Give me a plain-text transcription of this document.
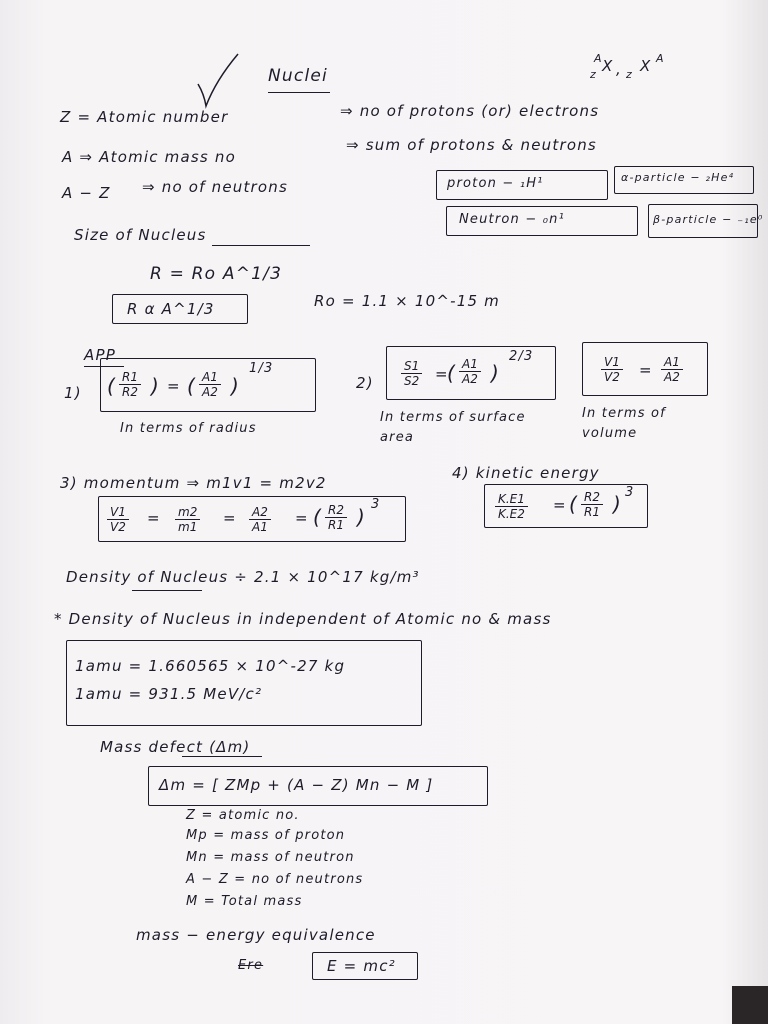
Nuclei
A
z X , z X A
Z = Atomic number	⇒ no of protons (or) electrons
A ⇒ Atomic mass no
⇒ sum of protons & neutrons
A − Z ⇒ no of neutrons	proton − ₁H¹	α-particle − ₂He⁴
Neutron − ₀n¹	β-particle − ₋₁e⁰
Size of Nucleus
R = Ro A^1/3
R α A^1/3	Ro = 1.1 × 10^-15 m
APP
1) ( $\frac{R1}{R2}$ ) = ( $\frac{A1}{A2}$ )
1/3
In terms of radius
$2) \frac{S1}{S2}$ =
( $\frac{A1}{A2}$ )
2/3
In terms of surface area
$\frac{V1}{V2} = \frac{A1}{A2}$
In terms of volume
3) momentum ⇒ m1v1 = m2v2
$\frac{V1}{V2} = \frac{m2}{m1} = \frac{A2}{A1}$ = ( $\frac{R2}{R1}$ )
3
4) kinetic energy
$\frac{K.E1}{K.E2}$ = ( $\frac{R2}{R1}$ ) 3
Density of Nucleus ÷ 2.1 × 10^17 kg/m³
* Density of Nucleus in independent of Atomic no & mass
1amu = 1.660565 × 10^-27 kg
1amu = 931.5 MeV/c²
Mass defect (Δm)
Δm = [ ZMp + (A − Z) Mn − M ]
Z = atomic no.
Mp = mass of proton
Mn = mass of neutron
A − Z = no of neutrons
M = Total mass
mass − energy equivalence
Ere	E = mc²
